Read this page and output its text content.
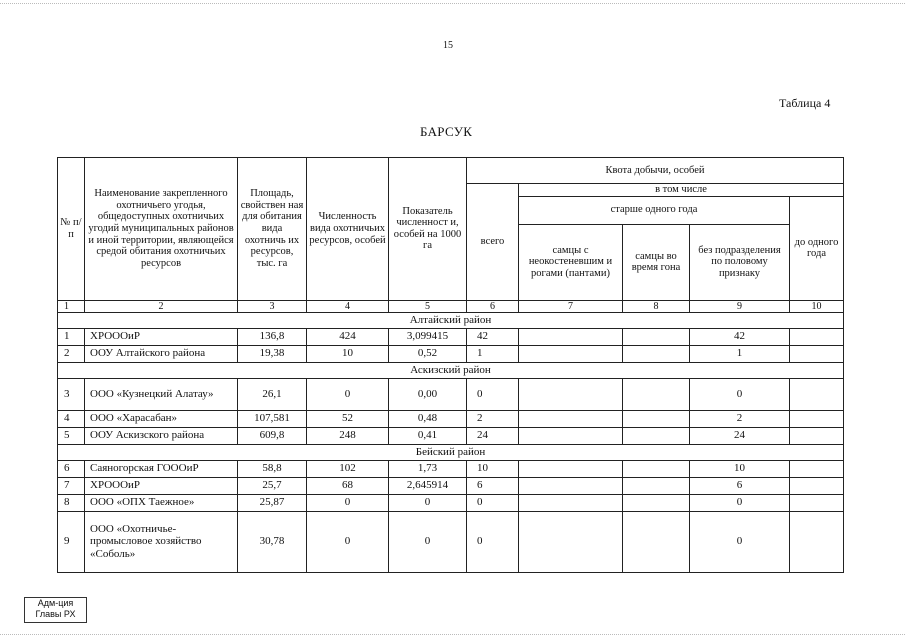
15
Таблица 4
БАРСУК
№ п/п	Наименование закрепленного охотничьего угодья, общедоступных охотничьих угодий муниципальных районов и иной территории, являющейся средой обитания охотничьих ресурсов	Площадь, свойствен ная для обитания вида охотничь их ресурсов, тыс. га	Численность вида охотничьих ресурсов, особей	Показатель численност и, особей на 1000 га	Квота добычи, особей				
					всего	в том числе			
						старше одного года			до одного года
						самцы с неокостеневшим и рогами (пантами)	самцы во время гона	без подразделения по половому признаку	
1	2	3	4	5	6	7	8	9	10
Алтайский район									
1	ХРОООиР	136,8	424	3,099415	42			42	
2	ООУ Алтайского района	19,38	10	0,52	1			1	
Аскизский район									
3	ООО «Кузнецкий Алатау»	26,1	0	0,00	0			0	
4	ООО «Харасабан»	107,581	52	0,48	2			2	
5	ООУ Аскизского района	609,8	248	0,41	24			24	
Бейский район									
6	Саяногорская ГОООиР	58,8	102	1,73	10			10	
7	ХРОООиР	25,7	68	2,645914	6			6	
8	ООО «ОПХ Таежное»	25,87	0	0	0			0	
9	ООО «Охотничье-промысловое хозяйство «Соболь»	30,78	0	0	0			0	
Адм-ция
Главы РХ
